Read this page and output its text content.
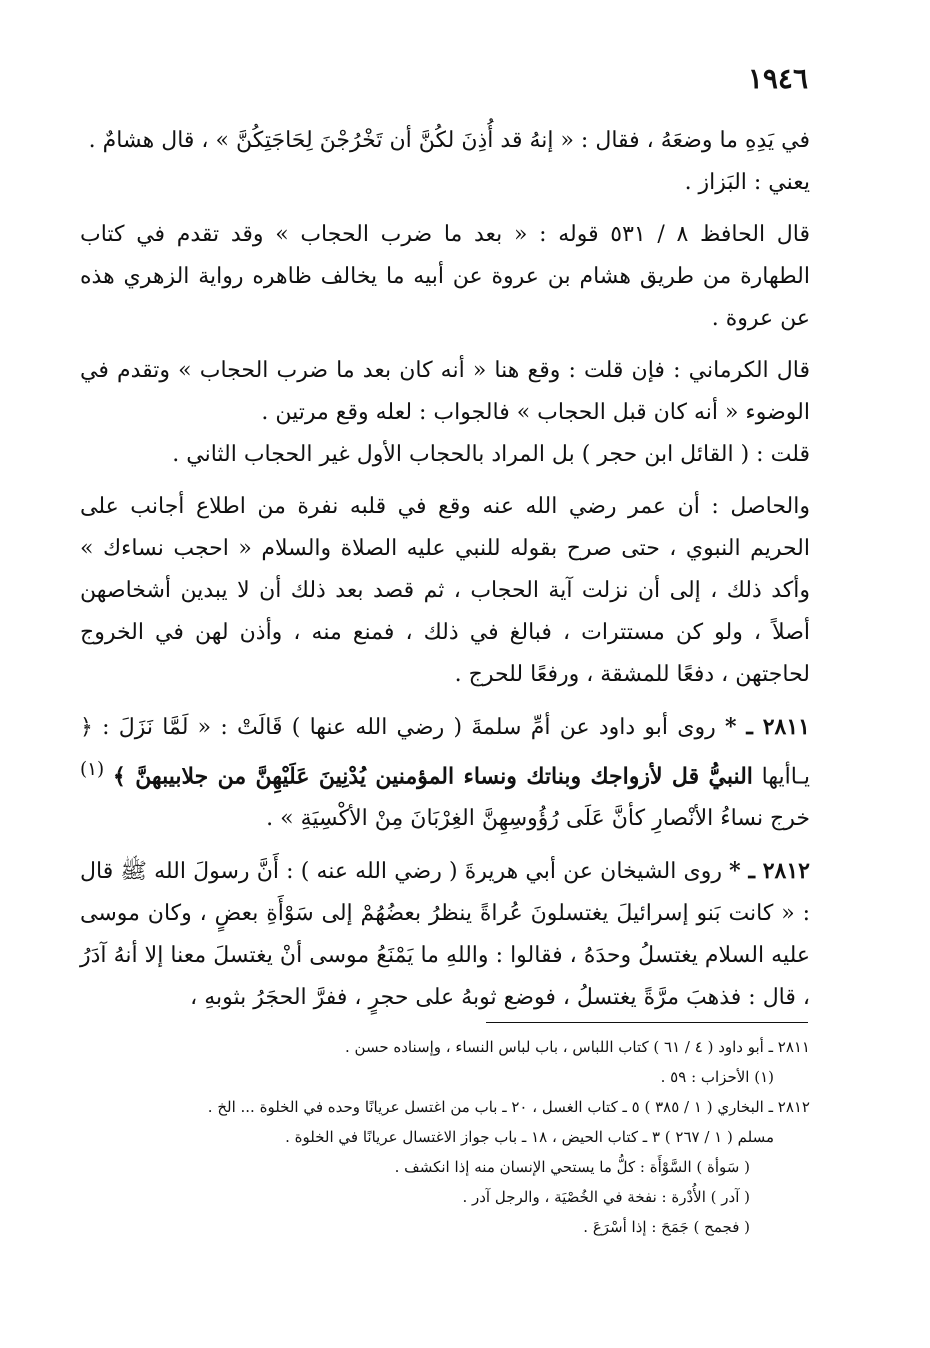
١٩٤٦

في يَدِهِ ما وضعَهُ ، فقال : « إنهُ قد أُذِنَ لكُنَّ أن تَخْرُجْنَ لِحَاجَتِكُنَّ » ، قال هشامٌ .

يعني : البَزاز .

قال الحافظ ٨ / ٥٣١ قوله : « بعد ما ضرب الحجاب » وقد تقدم في كتاب الطهارة من طريق هشام بن عروة عن أبيه ما يخالف ظاهره رواية الزهري هذه عن عروة .

قال الكرماني : فإن قلت : وقع هنا « أنه كان بعد ما ضرب الحجاب » وتقدم في الوضوء « أنه كان قبل الحجاب » فالجواب : لعله وقع مرتين .

قلت : ( القائل ابن حجر ) بل المراد بالحجاب الأول غير الحجاب الثاني .

والحاصل : أن عمر رضي الله عنه وقع في قلبه نفرة من اطلاع أجانب على الحريم النبوي ، حتى صرح بقوله للنبي عليه الصلاة والسلام « احجب نساءك » وأكد ذلك ، إلى أن نزلت آية الحجاب ، ثم قصد بعد ذلك أن لا يبدين أشخاصهن أصلاً ، ولو كن مستترات ، فبالغ في ذلك ، فمنع منه ، وأذن لهن في الخروج لحاجتهن ، دفعًا للمشقة ، ورفعًا للحرج .

٢٨١١ ـ * روى أبو داود عن أمِّ سلمةَ ( رضي الله عنها ) قَالَتْ : « لَمَّا نَزَلَ : ﴿ يـاأيها النبيُّ قل لأزواجك وبناتك ونساء المؤمنين يُدْنِينَ عَلَيْهِنَّ من جلابيبهنَّ ﴾ $^{(١)}$ خرج نساءُ الأنْصارِ كأنَّ عَلَى رُؤُوسِهِنَّ الغِرْبَانَ مِنْ الأكْسِيَةِ » .

٢٨١٢ ـ * روى الشيخان عن أبي هريرةَ ( رضي الله عنه ) : أَنَّ رسولَ الله ﷺ قال : « كانت بَنو إسرائيلَ يغتسلونَ عُراةً ينظرُ بعضُهُمْ إلى سَوْأَةِ بعضٍ ، وكان موسى عليه السلام يغتسلُ وحدَهُ ، فقالوا : واللهِ ما يَمْنَعُ موسى أنْ يغتسلَ معنا إلا أنهُ آدَرُ ، قال : فذهبَ مرَّةً يغتسلُ ، فوضع ثوبهُ على حجرٍ ، ففرَّ الحجَرُ بثوبهِ ،

٢٨١١ ـ أبو داود ( ٤ / ٦١ ) كتاب اللباس ، باب لباس النساء ، وإسناده حسن .

(١) الأحزاب : ٥٩ .

٢٨١٢ ـ البخاري ( ١ / ٣٨٥ ) ٥ ـ كتاب الغسل ، ٢٠ ـ باب من اغتسل عريانًا وحده في الخلوة ... الخ .

مسلم ( ١ / ٢٦٧ ) ٣ ـ كتاب الحيض ، ١٨ ـ باب جواز الاغتسال عريانًا في الخلوة .

( سَوأة ) السَّوْأَة : كلُّ ما يستحي الإنسان منه إذا انكشف .

( آدر ) الأُدْرة : نفخة في الخُصْيَة ، والرجل آدر .

( فجمح ) جَمَحَ : إذا أسْرَعَ .
